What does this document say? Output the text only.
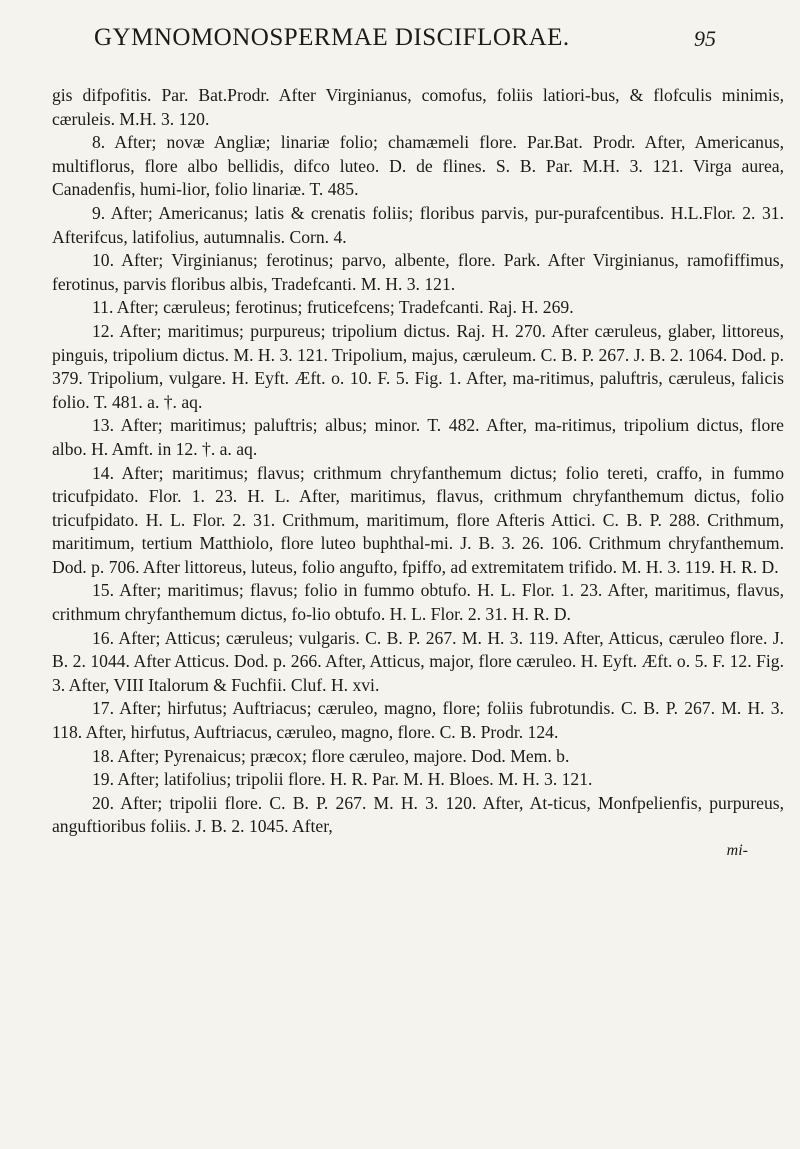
GYMNOMONOSPERMAE DISCIFLORAE.	95

gis difpofitis. Par. Bat.Prodr. After Virginianus, comofus, foliis latiori-bus, & flofculis minimis, cæruleis. M.H. 3. 120.

8. After; novæ Angliæ; linariæ folio; chamæmeli flore. Par.Bat. Prodr. After, Americanus, multiflorus, flore albo bellidis, difco luteo. D. de flines. S. B. Par. M.H. 3. 121. Virga aurea, Canadenfis, humi-lior, folio linariæ. T. 485.

9. After; Americanus; latis & crenatis foliis; floribus parvis, pur-purafcentibus. H.L.Flor. 2. 31. Afterifcus, latifolius, autumnalis. Corn. 4.

10. After; Virginianus; ferotinus; parvo, albente, flore. Park. After Virginianus, ramofiffimus, ferotinus, parvis floribus albis, Tradefcanti. M. H. 3. 121.

11. After; cæruleus; ferotinus; fruticefcens; Tradefcanti. Raj. H. 269.

12. After; maritimus; purpureus; tripolium dictus. Raj. H. 270. After cæruleus, glaber, littoreus, pinguis, tripolium dictus. M. H. 3. 121. Tripolium, majus, cæruleum. C. B. P. 267. J. B. 2. 1064. Dod. p. 379. Tripolium, vulgare. H. Eyft. Æft. o. 10. F. 5. Fig. 1. After, ma-ritimus, paluftris, cæruleus, falicis folio. T. 481. a. †. aq.

13. After; maritimus; paluftris; albus; minor. T. 482. After, ma-ritimus, tripolium dictus, flore albo. H. Amft. in 12. †. a. aq.

14. After; maritimus; flavus; crithmum chryfanthemum dictus; folio tereti, craffo, in fummo tricufpidato. Flor. 1. 23. H. L. After, maritimus, flavus, crithmum chryfanthemum dictus, folio tricufpidato. H. L. Flor. 2. 31. Crithmum, maritimum, flore Afteris Attici. C. B. P. 288. Crithmum, maritimum, tertium Matthiolo, flore luteo buphthal-mi. J. B. 3. 26. 106. Crithmum chryfanthemum. Dod. p. 706. After littoreus, luteus, folio angufto, fpiffo, ad extremitatem trifido. M. H. 3. 119. H. R. D.

15. After; maritimus; flavus; folio in fummo obtufo. H. L. Flor. 1. 23. After, maritimus, flavus, crithmum chryfanthemum dictus, fo-lio obtufo. H. L. Flor. 2. 31. H. R. D.

16. After; Atticus; cæruleus; vulgaris. C. B. P. 267. M. H. 3. 119. After, Atticus, cæruleo flore. J. B. 2. 1044. After Atticus. Dod. p. 266. After, Atticus, major, flore cæruleo. H. Eyft. Æft. o. 5. F. 12. Fig. 3. After, VIII Italorum & Fuchfii. Cluf. H. xvi.

17. After; hirfutus; Auftriacus; cæruleo, magno, flore; foliis fubrotundis. C. B. P. 267. M. H. 3. 118. After, hirfutus, Auftriacus, cæruleo, magno, flore. C. B. Prodr. 124.

18. After; Pyrenaicus; præcox; flore cæruleo, majore. Dod. Mem. b.

19. After; latifolius; tripolii flore. H. R. Par. M. H. Bloes. M. H. 3. 121.

20. After; tripolii flore. C. B. P. 267. M. H. 3. 120. After, At-ticus, Monfpelienfis, purpureus, anguftioribus foliis. J. B. 2. 1045. After,

mi-
